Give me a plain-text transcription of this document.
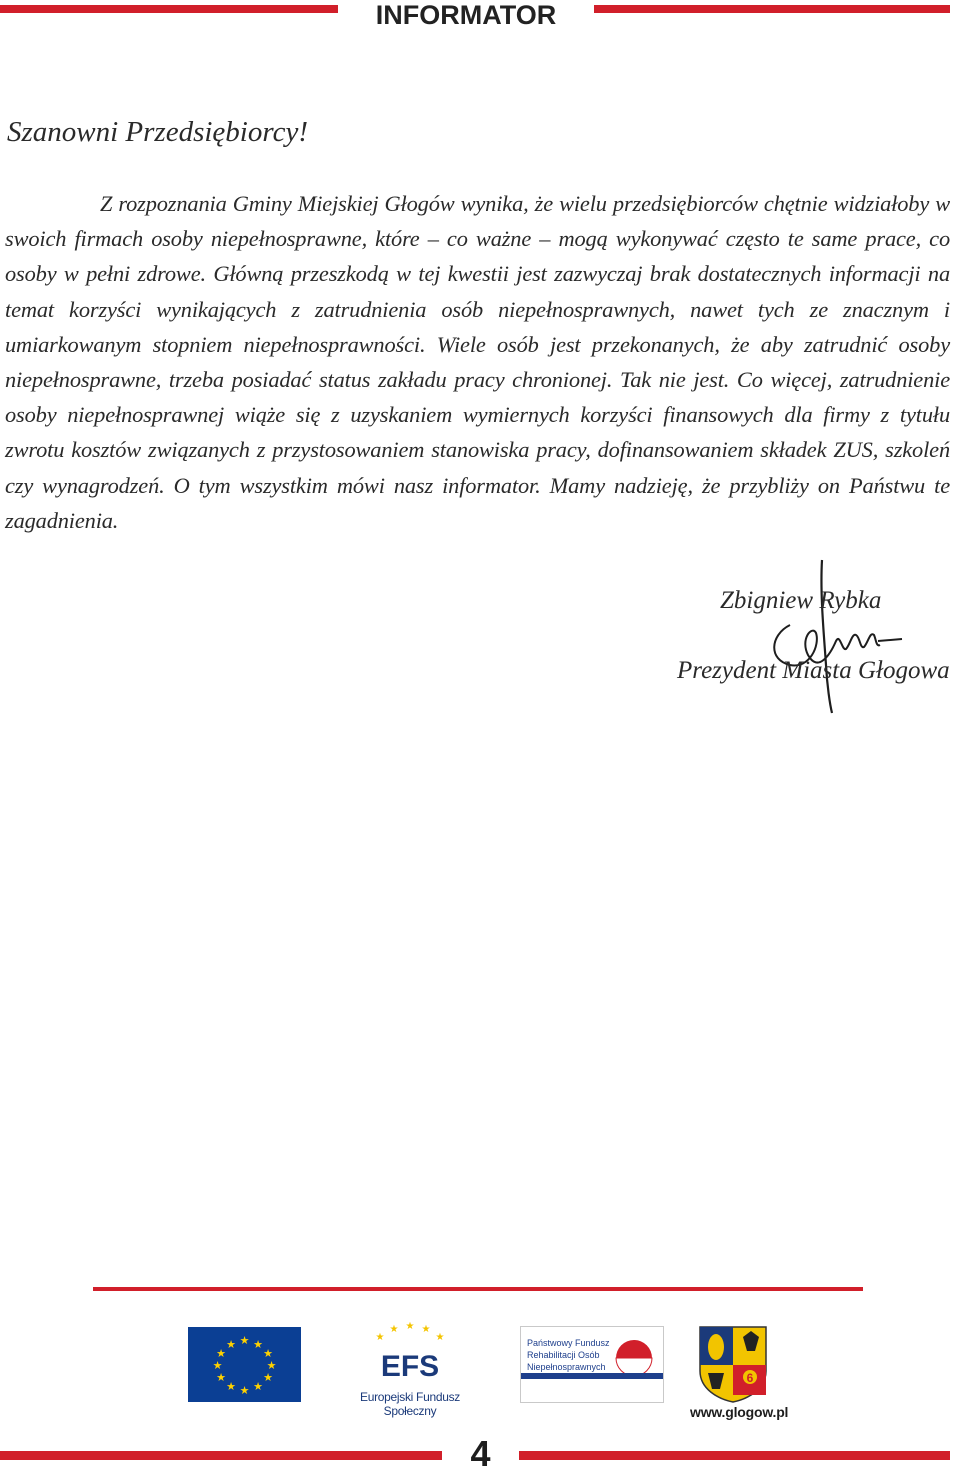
INFORMATOR
Szanowni Przedsiębiorcy!

Z rozpoznania Gminy Miejskiej Głogów wynika, że wielu przedsiębiorców chętnie widziałoby w swoich firmach osoby niepełnosprawne, które – co ważne – mogą wykonywać często te same prace, co osoby w pełni zdrowe. Główną przeszkodą w tej kwestii jest zazwyczaj brak dostatecznych informacji na temat korzyści wynikających z zatrudnienia osób niepełnosprawnych, nawet tych ze znacznym i umiarkowanym stopniem niepełnosprawności. Wiele osób jest przekonanych, że aby zatrudnić osoby niepełnosprawne, trzeba posiadać status zakładu pracy chronionej. Tak nie jest. Co więcej, zatrudnienie osoby niepełnosprawnej wiąże się z uzyskaniem wymiernych korzyści finansowych dla firmy z tytułu zwrotu kosztów związanych z przystosowaniem stanowiska pracy, dofinansowaniem składek ZUS, szkoleń czy wynagrodzeń. O tym wszystkim mówi nasz informator. Mamy nadzieję, że przybliży on Państwu te zagadnienia.

Zbigniew Rybka
Prezydent Miasta Głogowa
★ ★
★
★
★
★
★
★
★
★
★
★
★
★ ★ ★
★
EFS
Europejski Fundusz Społeczny
Państwowy Fundusz
Rehabilitacji Osób
Niepełnosprawnych
6
www.glogow.pl
4
